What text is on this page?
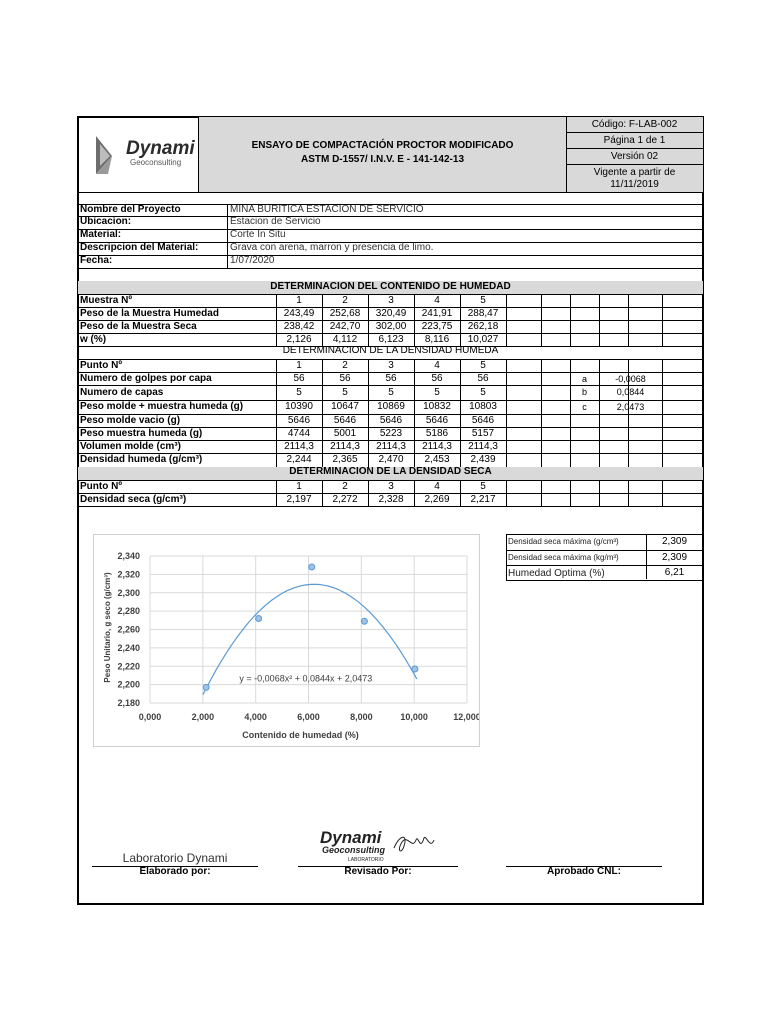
Dynami
Geoconsulting
ENSAYO DE COMPACTACIÓN PROCTOR MODIFICADO
ASTM D-1557/ I.N.V. E - 141-142-13
Código: F-LAB-002
Página 1 de 1
Versión 02
Vigente a partir de
11/11/2019
Nombre del Proyecto	MINA BURITICA ESTACION DE SERVICIO
Ubicacion:	Estacion de Servicio
Material:	Corte In Situ
Descripcion del Material:	Grava con arena, marron y presencia de limo.
Fecha:	1/07/2020
DETERMINACION DEL CONTENIDO DE HUMEDAD
Muestra Nº	1	2	3	4	5
Peso de la Muestra Humedad	243,49	252,68	320,49	241,91	288,47
Peso de la Muestra Seca	238,42	242,70	302,00	223,75	262,18
w (%)	2,126	4,112	6,123	8,116	10,027
DETERMINACION DE LA DENSIDAD HUMEDA
Punto Nº	1	2	3	4	5
Numero de golpes por capa	56	56	56	56	56
Numero de capas	5	5	5	5	5
Peso molde + muestra humeda (g)	10390	10647	10869	10832	10803
Peso molde vacio (g)	5646	5646	5646	5646	5646
Peso muestra humeda (g)	4744	5001	5223	5186	5157
Volumen molde (cm³)	2114,3	2114,3	2114,3	2114,3	2114,3
Densidad humeda (g/cm³)	2,244	2,365	2,470	2,453	2,439
a	-0,0068
b	0,0844
c	2,0473
DETERMINACION DE LA DENSIDAD SECA
Punto Nº	1	2	3	4	5
Densidad seca (g/cm³)	2,197	2,272	2,328	2,269	2,217
Densidad seca máxima (g/cm³)	2,309
Densidad seca máxima (kg/m³)	2,309
Humedad Optima (%)	6,21
2,180
2,200
2,220
2,240
2,260
2,280
2,300
2,320
2,340
0,000	2,000	4,000	6,000	8,000	10,000	12,000
y = -0,0068x² + 0,0844x + 2,0473
Contenido de humedad (%)
Peso Unitario, g seco (g/cm³)
Dynami
Geoconsulting
LABORATORIO
Laboratorio Dynami
Elaborado por:	Revisado Por:	Aprobado CNL:
